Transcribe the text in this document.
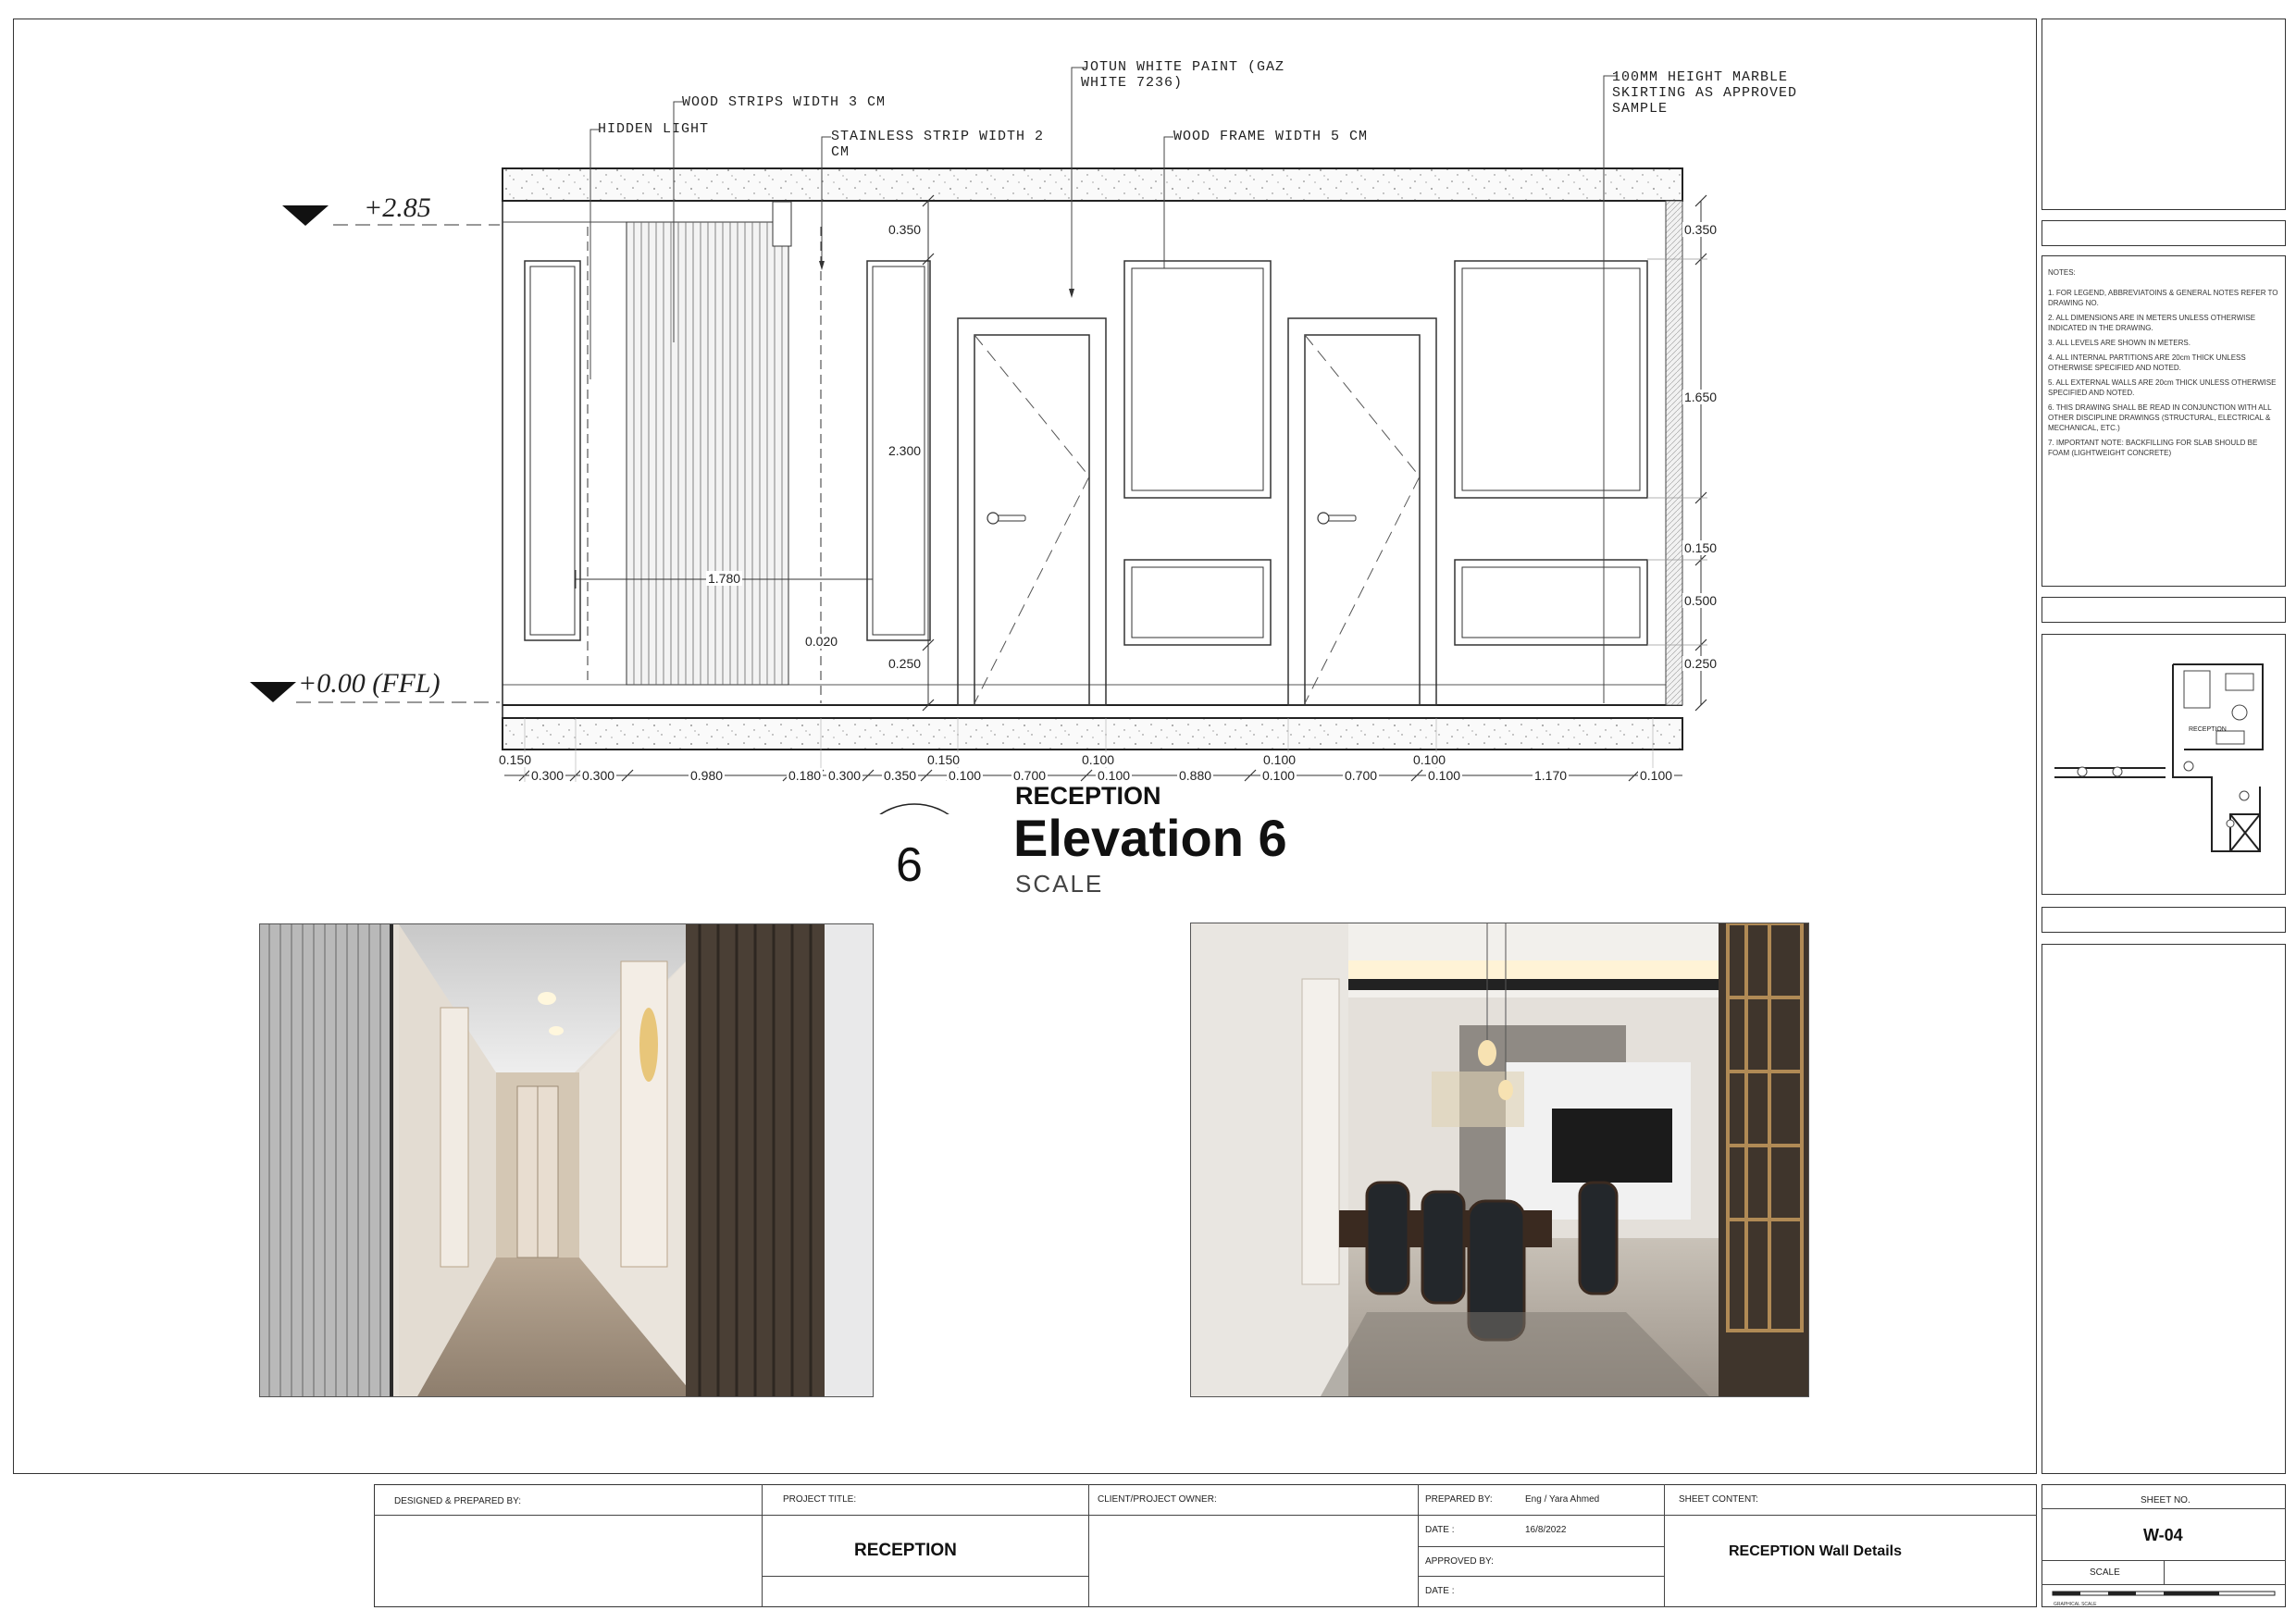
HIDDEN LIGHT
WOOD STRIPS WIDTH 3 CM
STAINLESS STRIP WIDTH 2 CM
JOTUN WHITE PAINT (GAZ WHITE 7236)
WOOD FRAME WIDTH 5 CM
100MM HEIGHT MARBLE SKIRTING AS APPROVED SAMPLE
+2.85
+0.00 (FFL)
0.350
1.650
0.150
0.500
0.250
0.350
2.300
0.250
1.780
0.020
0.150	0.150	0.100	0.100	0.100
0.300 0.300	0.980	0.180 0.300 0.350 0.100 0.700	0.100	0.880	0.100	0.700	0.100	1.170	0.100
6
RECEPTION
Elevation 6
SCALE
NOTES:
1. FOR LEGEND, ABBREVIATOINS & GENERAL NOTES REFER TO DRAWING NO.
2. ALL DIMENSIONS ARE IN METERS UNLESS OTHERWISE INDICATED IN THE DRAWING.
3. ALL LEVELS ARE SHOWN IN METERS.
4. ALL INTERNAL PARTITIONS ARE 20cm THICK UNLESS OTHERWISE SPECIFIED AND NOTED.
5. ALL EXTERNAL WALLS ARE 20cm THICK UNLESS OTHERWISE SPECIFIED AND NOTED.
6. THIS DRAWING SHALL BE READ IN CONJUNCTION WITH ALL OTHER DISCIPLINE DRAWINGS (STRUCTURAL, ELECTRICAL & MECHANICAL, ETC.)
7. IMPORTANT NOTE: BACKFILLING FOR SLAB SHOULD BE FOAM (LIGHTWEIGHT CONCRETE)
RECEPTION
DESIGNED & PREPARED BY:	PROJECT TITLE:
RECEPTION
CLIENT/PROJECT OWNER:	PREPARED BY:	Eng / Yara Ahmed
DATE :	16/8/2022
APPROVED BY:
DATE :
SHEET CONTENT:
RECEPTION Wall Details
SHEET NO.
W-04
SCALE
GRAPHICAL SCALE
